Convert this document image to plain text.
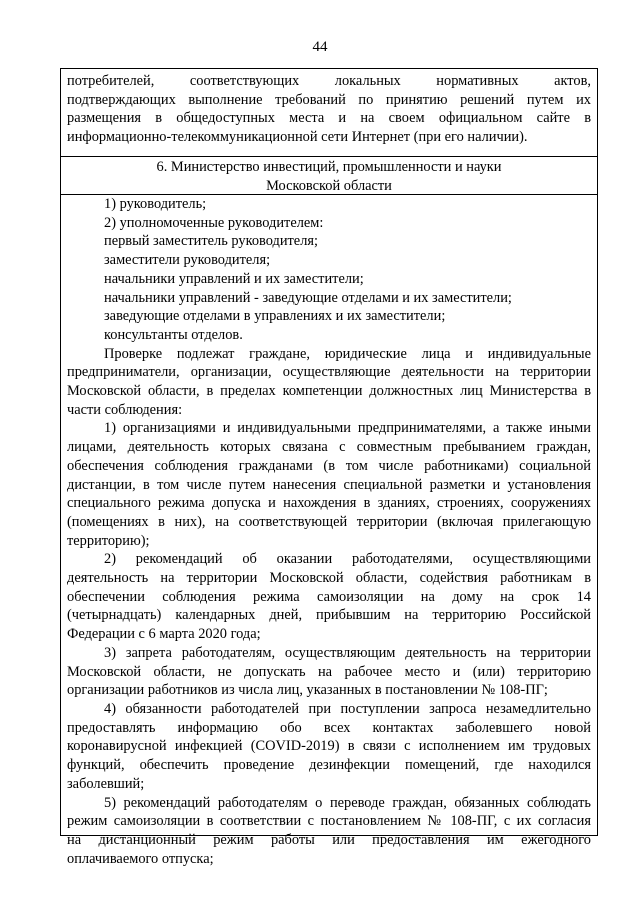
44

потребителей, соответствующих локальных нормативных актов,

подтверждающих выполнение требований по принятию решений путем их

размещения в общедоступных места и на своем официальном сайте в

информационно-телекоммуникационной сети Интернет (при его наличии).

6. Министерство инвестиций, промышленности и науки

Московской области

1) руководитель;

2) уполномоченные руководителем:

первый заместитель руководителя;

заместители руководителя;

начальники управлений и их заместители;

начальники управлений - заведующие отделами и их заместители;

заведующие отделами в управлениях и их заместители;

консультанты отделов.

Проверке подлежат граждане, юридические лица и индивидуальные

предприниматели, организации, осуществляющие деятельности на территории

Московской области, в пределах компетенции должностных лиц Министерства в

части соблюдения:

1) организациями и индивидуальными предпринимателями, а также иными

лицами, деятельность которых связана с совместным пребыванием граждан,

обеспечения соблюдения гражданами (в том числе работниками) социальной

дистанции, в том числе путем нанесения специальной разметки и установления

специального режима допуска и нахождения в зданиях, строениях, сооружениях

(помещениях в них), на соответствующей территории (включая прилегающую

территорию);

2) рекомендаций об оказании работодателями, осуществляющими

деятельность на территории Московской области, содействия работникам в

обеспечении соблюдения режима самоизоляции на дому на срок 14

(четырнадцать) календарных дней, прибывшим на территорию Российской

Федерации с 6 марта 2020 года;

3) запрета работодателям, осуществляющим деятельность на территории

Московской области, не допускать на рабочее место и (или) территорию

организации работников из числа лиц, указанных в постановлении № 108-ПГ;

4) обязанности работодателей при поступлении запроса незамедлительно

предоставлять информацию обо всех контактах заболевшего новой

коронавирусной инфекцией (COVID-2019) в связи с исполнением им трудовых

функций, обеспечить проведение дезинфекции помещений, где находился

заболевший;

5) рекомендаций работодателям о переводе граждан, обязанных соблюдать

режим самоизоляции в соответствии с постановлением № 108-ПГ, с их согласия

на дистанционный режим работы или предоставления им ежегодного

оплачиваемого отпуска;
